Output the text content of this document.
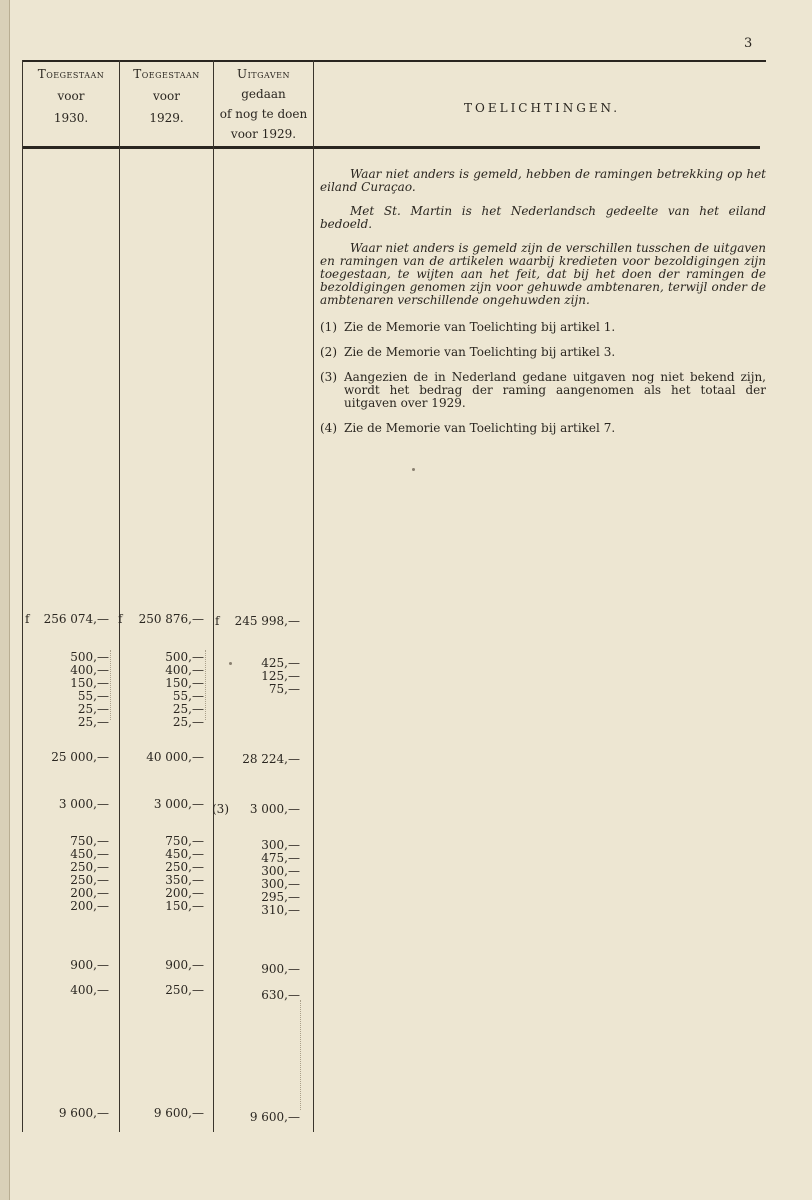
3
Toegestaan
voor
1930.
Toegestaan
voor
1929.
Uitgaven
gedaan
of nog te doen
voor 1929.
TOELICHTINGEN.

Waar niet anders is gemeld, hebben de ramingen betrekking op het eiland Curaçao.

Met St. Martin is het Nederlandsch gedeelte van het eiland bedoeld.

Waar niet anders is gemeld zijn de verschillen tusschen de uitgaven en ramingen van de artikelen waarbij kredieten voor bezoldigingen zijn toegestaan, te wijten aan het feit, dat bij het doen der ramingen de bezoldigingen genomen zijn voor gehuwde ambtenaren, terwijl onder de ambtenaren verschillende ongehuwden zijn.

(1) Zie de Memorie van Toelichting bij artikel 1.
(2) Zie de Memorie van Toelichting bij artikel 3.
(3) Aangezien de in Nederland gedane uitgaven nog niet bekend zijn, wordt het bedrag der raming aangenomen als het totaal der uitgaven over 1929.
(4) Zie de Memorie van Toelichting bij artikel 7.
f	f	f
(3)
256 074,—
500,—
400,—
150,—
55,—
25,—
25,—
25 000,—
3 000,—
750,—
450,—
250,—
250,—
200,—
200,—
900,—
400,—
9 600,—
250 876,—
500,—
400,—
150,—
55,—
25,—
25,—
40 000,—
3 000,—
750,—
450,—
250,—
350,—
200,—
150,—
900,—
250,—
9 600,—
245 998,—
425,—
125,—
75,—
28 224,—
3 000,—
300,—
475,—
300,—
300,—
295,—
310,—
900,—
630,—
9 600,—
